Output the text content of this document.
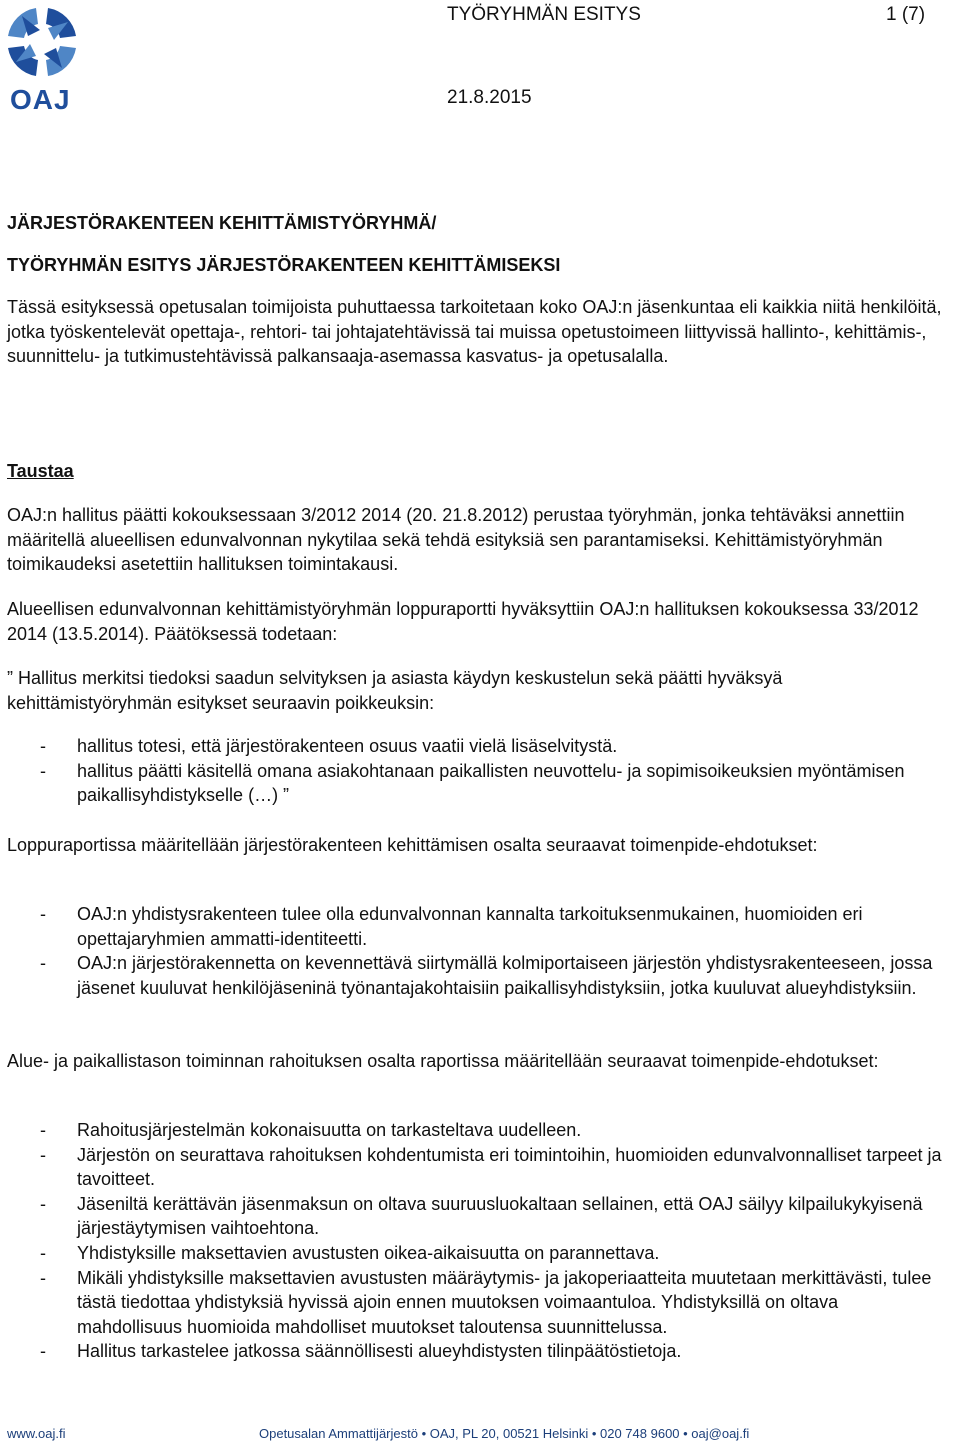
OAJ
TYÖRYHMÄN ESITYS	1 (7)
21.8.2015

JÄRJESTÖRAKENTEEN KEHITTÄMISTYÖRYHMÄ/

TYÖRYHMÄN ESITYS JÄRJESTÖRAKENTEEN KEHITTÄMISEKSI

Tässä esityksessä opetusalan toimijoista puhuttaessa tarkoitetaan koko OAJ:n jäsenkuntaa eli kaikkia niitä henkilöitä, jotka työskentelevät opettaja-, rehtori- tai johtajatehtävissä tai muissa opetustoimeen liittyvissä hallinto-, kehittämis-, suunnittelu- ja tutkimustehtävissä palkansaaja-asemassa kasvatus- ja opetusalalla.

Taustaa

OAJ:n hallitus päätti kokouksessaan 3/2012 2014 (20. 21.8.2012) perustaa työryhmän, jonka tehtäväksi annettiin määritellä alueellisen edunvalvonnan nykytilaa sekä tehdä esityksiä sen parantamiseksi. Kehittämistyöryhmän toimikaudeksi asetettiin hallituksen toimintakausi.

Alueellisen edunvalvonnan kehittämistyöryhmän loppuraportti hyväksyttiin OAJ:n hallituksen kokouksessa 33/2012 2014 (13.5.2014). Päätöksessä todetaan:

” Hallitus merkitsi tiedoksi saadun selvityksen ja asiasta käydyn keskustelun sekä päätti hyväksyä kehittämistyöryhmän esitykset seuraavin poikkeuksin:

- hallitus totesi, että järjestörakenteen osuus vaatii vielä lisäselvitystä.
- hallitus päätti käsitellä omana asiakohtanaan paikallisten neuvottelu- ja sopimisoikeuksien myöntämisen paikallisyhdistykselle (…) ”

Loppuraportissa määritellään järjestörakenteen kehittämisen osalta seuraavat toimenpide-ehdotukset:

- OAJ:n yhdistysrakenteen tulee olla edunvalvonnan kannalta tarkoituksenmukainen, huomioiden eri opettajaryhmien ammatti-identiteetti.
- OAJ:n järjestörakennetta on kevennettävä siirtymällä kolmiportaiseen järjestön yhdistysrakenteeseen, jossa jäsenet kuuluvat henkilöjäseninä työnantajakohtaisiin paikallisyhdistyksiin, jotka kuuluvat alueyhdistyksiin.

Alue- ja paikallistason toiminnan rahoituksen osalta raportissa määritellään seuraavat toimenpide-ehdotukset:

- Rahoitusjärjestelmän kokonaisuutta on tarkasteltava uudelleen.
- Järjestön on seurattava rahoituksen kohdentumista eri toimintoihin, huomioiden edunvalvonnalliset tarpeet ja tavoitteet.
- Jäseniltä kerättävän jäsenmaksun on oltava suuruusluokaltaan sellainen, että OAJ säilyy kilpailukykyisenä järjestäytymisen vaihtoehtona.
- Yhdistyksille maksettavien avustusten oikea-aikaisuutta on parannettava.
- Mikäli yhdistyksille maksettavien avustusten määräytymis- ja jakoperiaatteita muutetaan merkittävästi, tulee tästä tiedottaa yhdistyksiä hyvissä ajoin ennen muutoksen voimaantuloa. Yhdistyksillä on oltava mahdollisuus huomioida mahdolliset muutokset taloutensa suunnittelussa.
- Hallitus tarkastelee jatkossa säännöllisesti alueyhdistysten tilinpäätöstietoja.
www.oaj.fi	Opetusalan Ammattijärjestö • OAJ, PL 20, 00521 Helsinki • 020 748 9600 • oaj@oaj.fi
